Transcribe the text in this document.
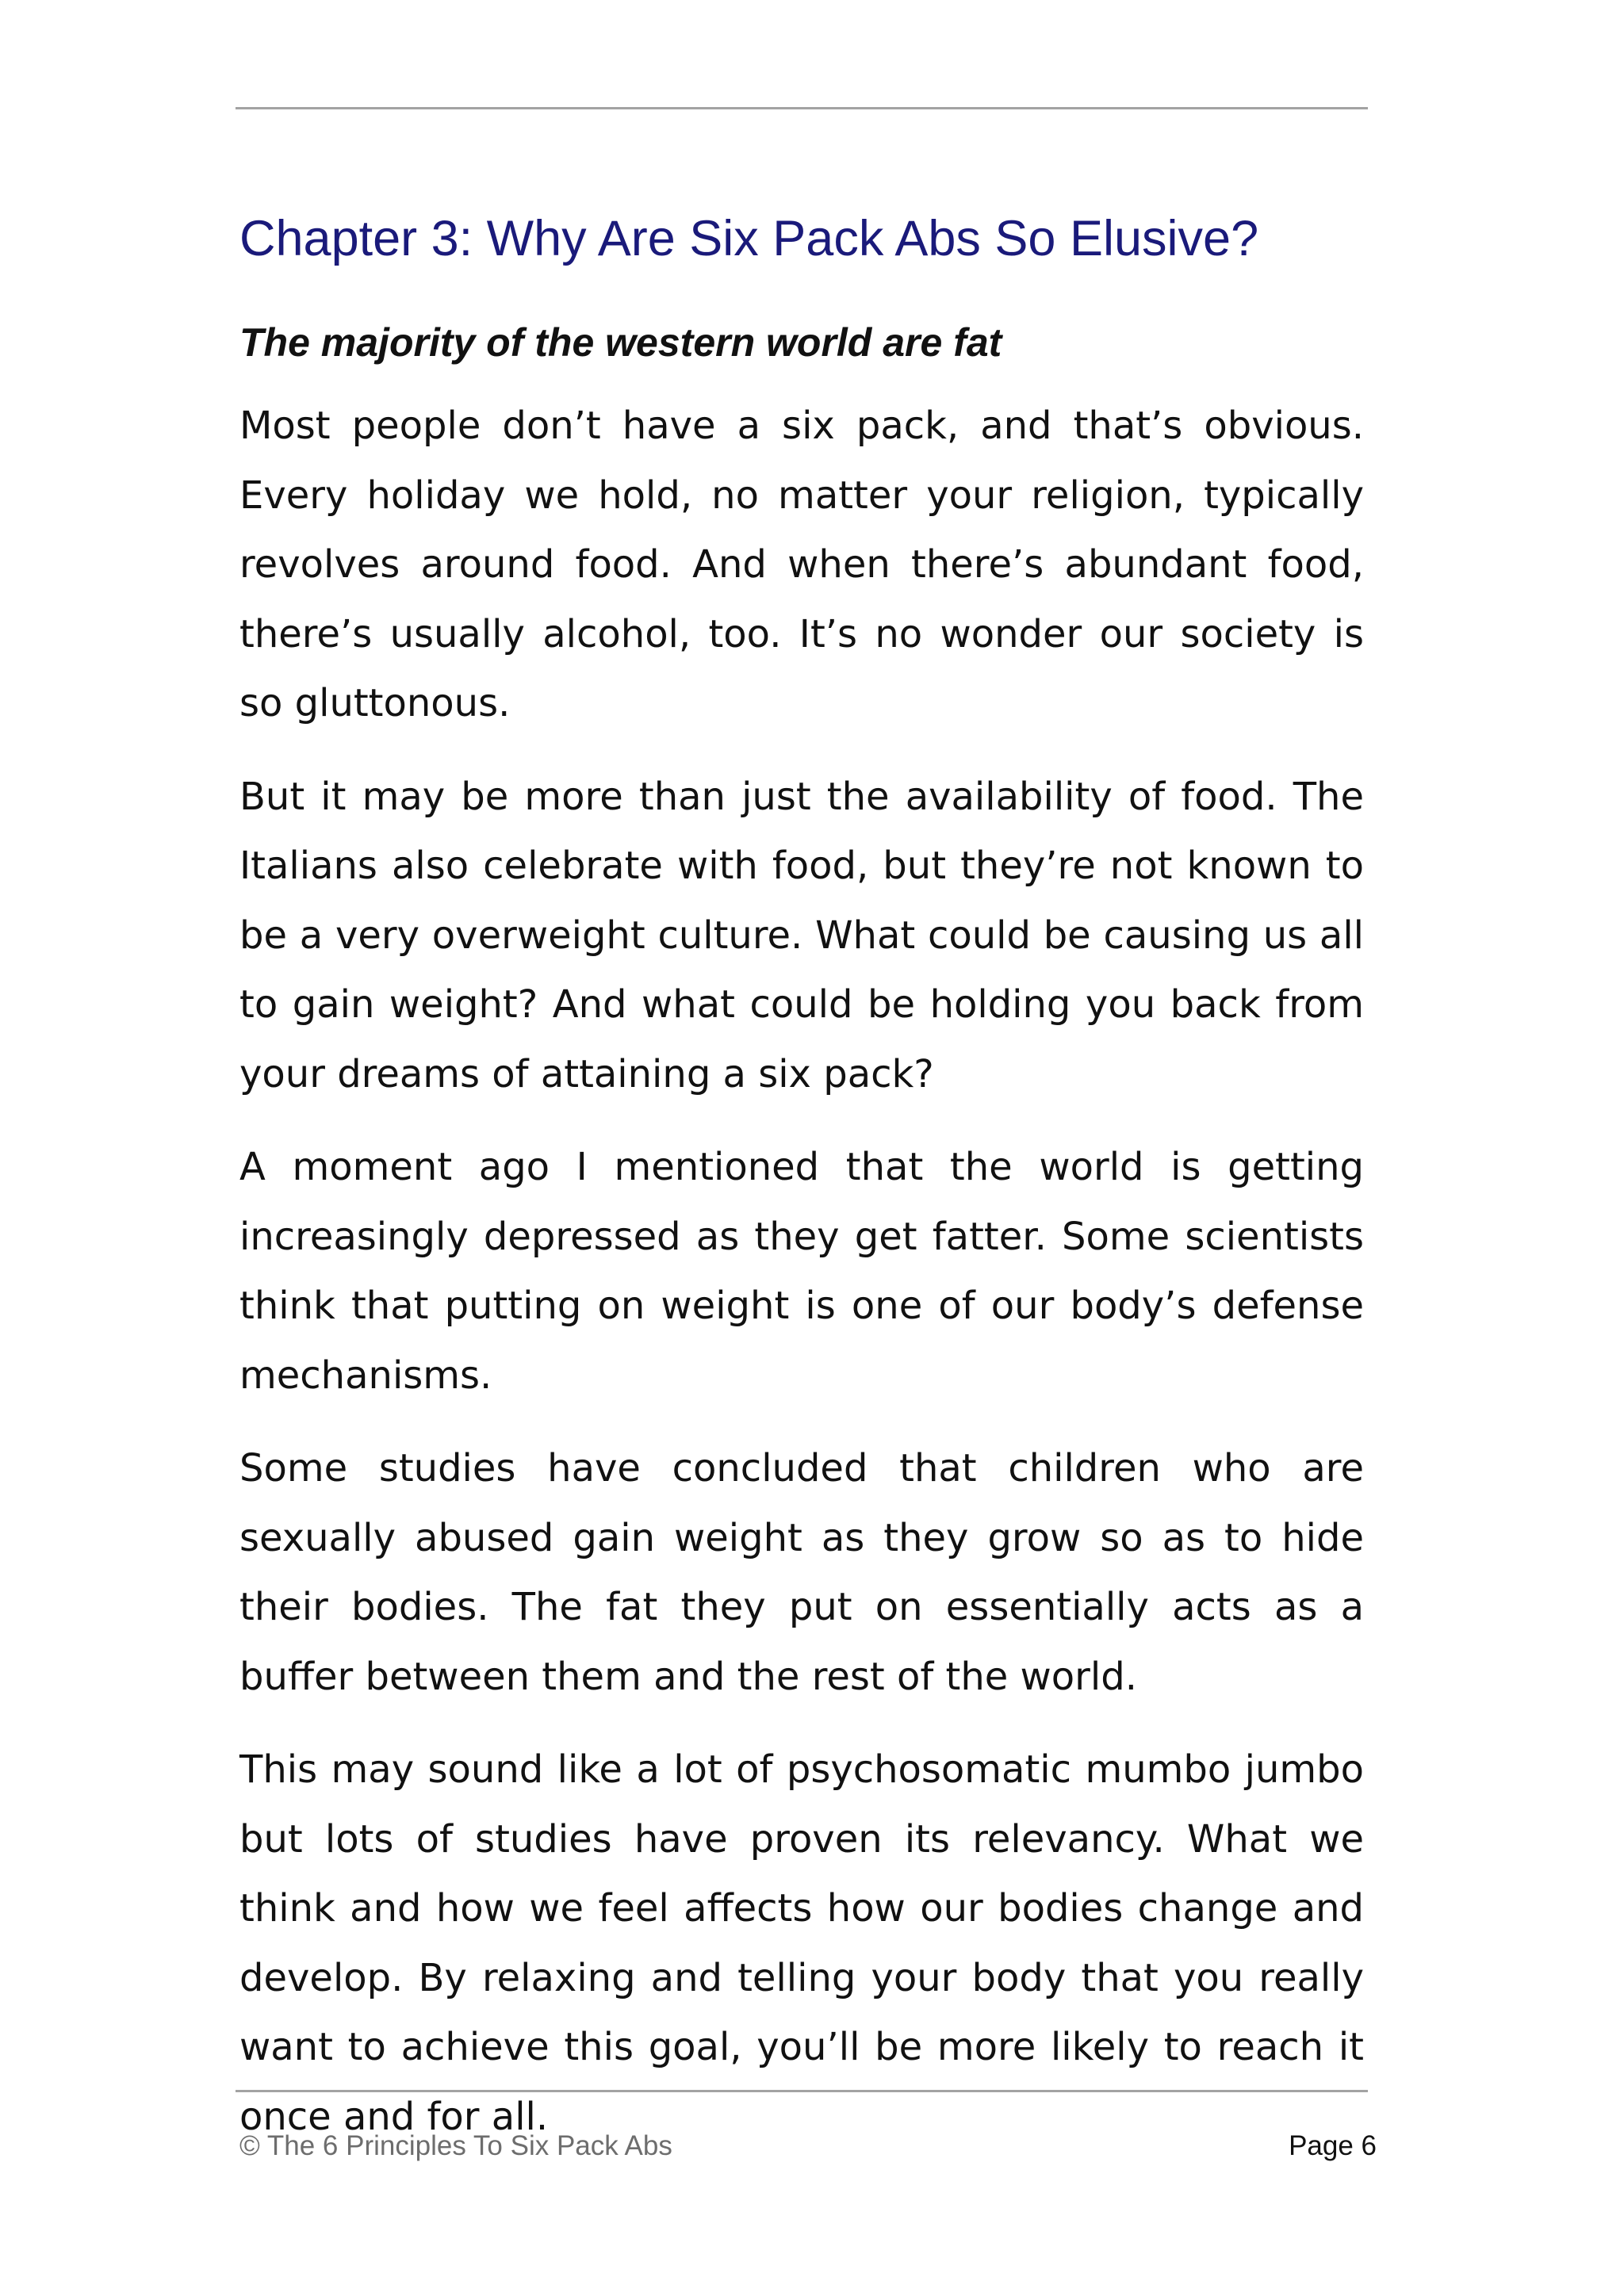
Chapter 3: Why Are Six Pack Abs So Elusive?
The majority of the western world are fat

Most people don’t have a six pack, and that’s obvious. Every holiday we hold, no matter your religion, typically revolves around food. And when there’s abundant food, there’s usually alcohol, too. It’s no wonder our society is so gluttonous.

But it may be more than just the availability of food. The Italians also celebrate with food, but they’re not known to be a very overweight culture. What could be causing us all to gain weight? And what could be holding you back from your dreams of attaining a six pack?

A moment ago I mentioned that the world is getting increasingly depressed as they get fatter. Some scientists think that putting on weight is one of our body’s defense mechanisms.

Some studies have concluded that children who are sexually abused gain weight as they grow so as to hide their bodies. The fat they put on essentially acts as a buffer between them and the rest of the world.

This may sound like a lot of psychosomatic mumbo jumbo but lots of studies have proven its relevancy. What we think and how we feel affects how our bodies change and develop. By relaxing and telling your body that you really want to achieve this goal, you’ll be more likely to reach it once and for all.

© The 6 Principles To Six Pack Abs	Page 6
